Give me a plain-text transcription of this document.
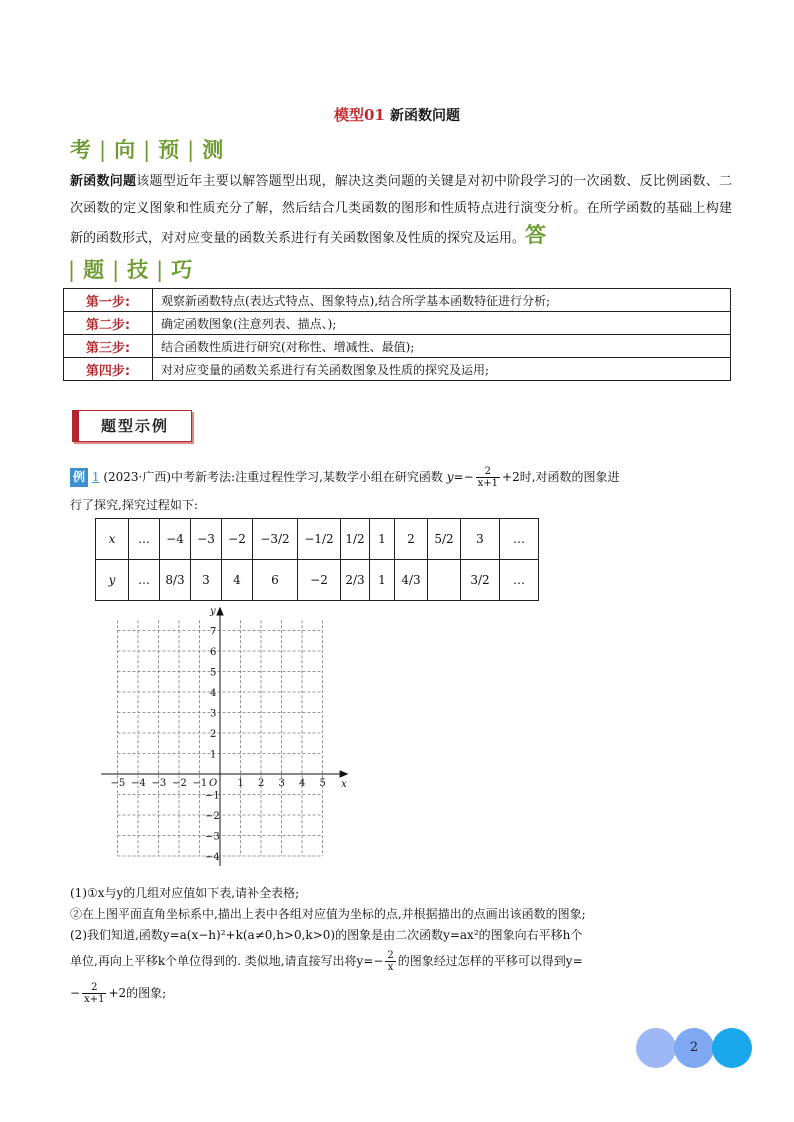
模型01 新函数问题
考 | 向 | 预 | 测
新函数问题该题型近年主要以解答题型出现，解决这类问题的关键是对初中阶段学习的一次函数、反比例函数、二次函数的定义图象和性质充分了解，然后结合几类函数的图形和性质特点进行演变分析。在所学函数的基础上构建新的函数形式，对对应变量的函数关系进行有关函数图象及性质的探究及运用。答
| 题 | 技 | 巧
第一步:	观察新函数特点(表达式特点、图象特点),结合所学基本函数特征进行分析;
第二步:	确定函数图象(注意列表、描点、);
第三步:	结合函数性质进行研究(对称性、增减性、最值);
第四步:	对对应变量的函数关系进行有关函数图象及性质的探究及运用;
题型示例
例 1 (2023·广西)中考新考法:注重过程性学习,某数学小组在研究函数 $y=- \frac{2}{x+1} +2$时,对函数的图象进
行了探究,探究过程如下:
x	…	−4	−3	−2	−3/2	−1/2	1/2	1	2	5/2	3	…
y	…	8/3	3	4	6	−2	2/3	1	4/3		3/2	…
−5 −4 −3 −2 −1	1 2 3 4 5
7
6
5
4
3
2
1
−1
−2
−3
−4
O	x
y
(1)①x与y的几组对应值如下表,请补全表格;
②在上图平面直角坐标系中,描出上表中各组对应值为坐标的点,并根据描出的点画出该函数的图象;
(2)我们知道,函数y=a(x−h)²+k(a≠0,h>0,k>0)的图象是由二次函数y=ax²的图象向右平移h个
单位,再向上平移k个单位得到的. 类似地,请直接写出将$y=- \frac{2}{x}$ 的图象经过怎样的平移可以得到y=
− $\frac{2}{x+1} +2$的图象;
2
